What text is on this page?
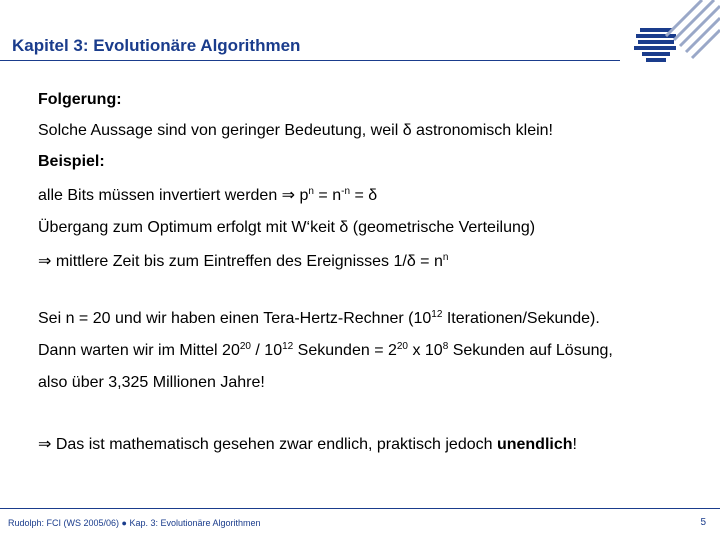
Kapitel 3: Evolutionäre Algorithmen
Folgerung:
Solche Aussage sind von geringer Bedeutung, weil δ astronomisch klein!
Beispiel:
alle Bits müssen invertiert werden ⇒ $p^n = n^{-n} = \delta$
Übergang zum Optimum erfolgt mit W‘keit δ (geometrische Verteilung)
⇒ mittlere Zeit bis zum Eintreffen des Ereignisses $1/\delta = n^n$
Sei n = 20 und wir haben einen Tera-Hertz-Rechner ($10^{12}$ Iterationen/Sekunde).
Dann warten wir im Mittel $20^{20} / 10^{12}$ Sekunden = $2^{20}$ x $10^8$ Sekunden auf Lösung,
also über 3,325 Millionen Jahre!
⇒ Das ist mathematisch gesehen zwar endlich, praktisch jedoch unendlich!
Rudolph: FCI (WS 2005/06) ● Kap. 3: Evolutionäre Algorithmen	5
